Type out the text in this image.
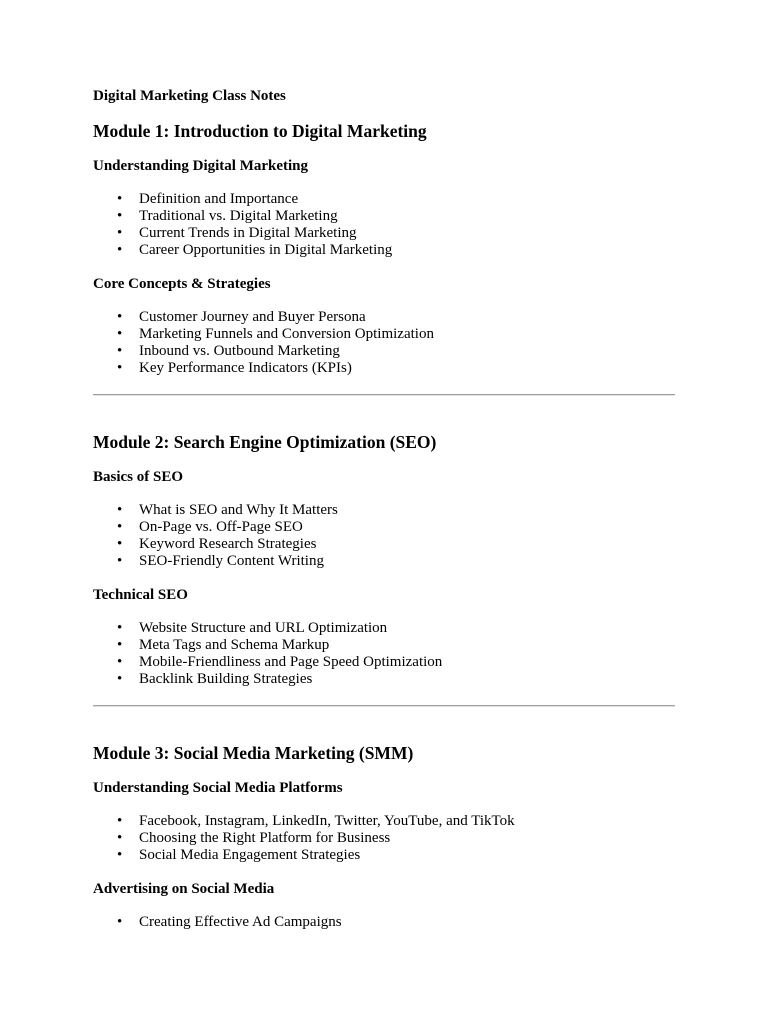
Digital Marketing Class Notes
Module 1: Introduction to Digital Marketing
Understanding Digital Marketing
• Definition and Importance
• Traditional vs. Digital Marketing
• Current Trends in Digital Marketing
• Career Opportunities in Digital Marketing
Core Concepts & Strategies
• Customer Journey and Buyer Persona
• Marketing Funnels and Conversion Optimization
• Inbound vs. Outbound Marketing
• Key Performance Indicators (KPIs)
Module 2: Search Engine Optimization (SEO)
Basics of SEO
• What is SEO and Why It Matters
• On-Page vs. Off-Page SEO
• Keyword Research Strategies
• SEO-Friendly Content Writing
Technical SEO
• Website Structure and URL Optimization
• Meta Tags and Schema Markup
• Mobile-Friendliness and Page Speed Optimization
• Backlink Building Strategies
Module 3: Social Media Marketing (SMM)
Understanding Social Media Platforms
• Facebook, Instagram, LinkedIn, Twitter, YouTube, and TikTok
• Choosing the Right Platform for Business
• Social Media Engagement Strategies
Advertising on Social Media
• Creating Effective Ad Campaigns
